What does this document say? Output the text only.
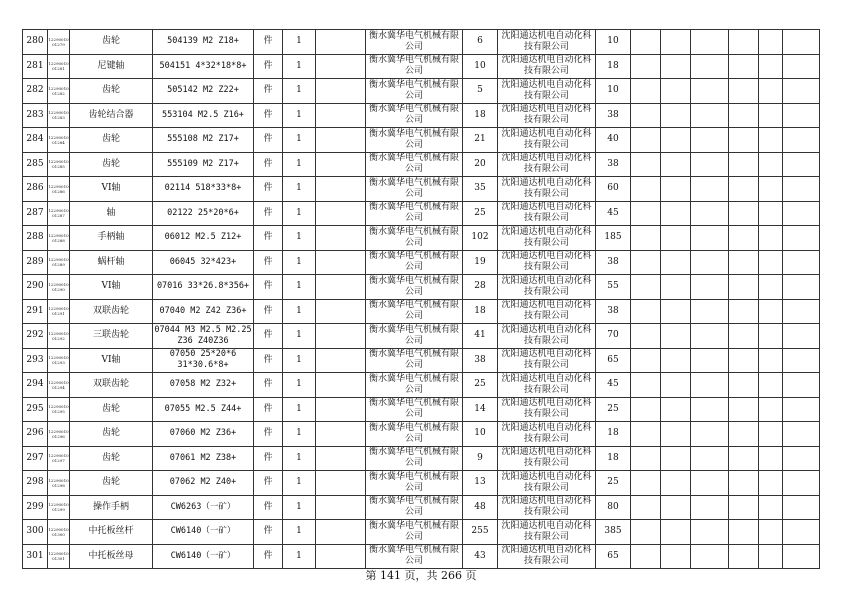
280	12290010 01279	齿轮	504139 M2 Z18+	件	1		衡水冀华电气机械有限公司	6	沈阳通达机电自动化科技有限公司	10						
281	12290010 01281	尼键轴	504151 4*32*18*8+	件	1		衡水冀华电气机械有限公司	10	沈阳通达机电自动化科技有限公司	18						
282	12290010 01282	齿轮	505142 M2 Z22+	件	1		衡水冀华电气机械有限公司	5	沈阳通达机电自动化科技有限公司	10						
283	12290010 01283	齿轮结合器	553104 M2.5 Z16+	件	1		衡水冀华电气机械有限公司	18	沈阳通达机电自动化科技有限公司	38						
284	12290010 01284	齿轮	555108 M2 Z17+	件	1		衡水冀华电气机械有限公司	21	沈阳通达机电自动化科技有限公司	40						
285	12290010 01285	齿轮	555109 M2 Z17+	件	1		衡水冀华电气机械有限公司	20	沈阳通达机电自动化科技有限公司	38						
286	12290010 01286	VI轴	02114 518*33*8+	件	1		衡水冀华电气机械有限公司	35	沈阳通达机电自动化科技有限公司	60						
287	12290010 01287	轴	02122 25*20*6+	件	1		衡水冀华电气机械有限公司	25	沈阳通达机电自动化科技有限公司	45						
288	12290010 01288	手柄轴	06012 M2.5 Z12+	件	1		衡水冀华电气机械有限公司	102	沈阳通达机电自动化科技有限公司	185						
289	12290010 01289	蜗杆轴	06045 32*423+	件	1		衡水冀华电气机械有限公司	19	沈阳通达机电自动化科技有限公司	38						
290	12290010 01290	VI轴	07016 33*26.8*356+	件	1		衡水冀华电气机械有限公司	28	沈阳通达机电自动化科技有限公司	55						
291	12290010 01291	双联齿轮	07040 M2 Z42 Z36+	件	1		衡水冀华电气机械有限公司	18	沈阳通达机电自动化科技有限公司	38						
292	12290010 01292	三联齿轮	07044 M3 M2.5 M2.25 Z36 Z40Z36	件	1		衡水冀华电气机械有限公司	41	沈阳通达机电自动化科技有限公司	70						
293	12290010 01293	VI轴	07050 25*20*6 31*30.6*8+	件	1		衡水冀华电气机械有限公司	38	沈阳通达机电自动化科技有限公司	65						
294	12290010 01294	双联齿轮	07058 M2 Z32+	件	1		衡水冀华电气机械有限公司	25	沈阳通达机电自动化科技有限公司	45						
295	12290010 01295	齿轮	07055 M2.5 Z44+	件	1		衡水冀华电气机械有限公司	14	沈阳通达机电自动化科技有限公司	25						
296	12290010 01296	齿轮	07060 M2 Z36+	件	1		衡水冀华电气机械有限公司	10	沈阳通达机电自动化科技有限公司	18						
297	12290010 01297	齿轮	07061 M2 Z38+	件	1		衡水冀华电气机械有限公司	9	沈阳通达机电自动化科技有限公司	18						
298	12290010 01298	齿轮	07062 M2 Z40+	件	1		衡水冀华电气机械有限公司	13	沈阳通达机电自动化科技有限公司	25						
299	12290010 01299	操作手柄	CW6263（一矿）	件	1		衡水冀华电气机械有限公司	48	沈阳通达机电自动化科技有限公司	80						
300	12290010 01300	中托板丝杆	CW6140（一矿）	件	1		衡水冀华电气机械有限公司	255	沈阳通达机电自动化科技有限公司	385						
301	12290010 01301	中托板丝母	CW6140（一矿）	件	1		衡水冀华电气机械有限公司	43	沈阳通达机电自动化科技有限公司	65						
第 141 页，共 266 页
